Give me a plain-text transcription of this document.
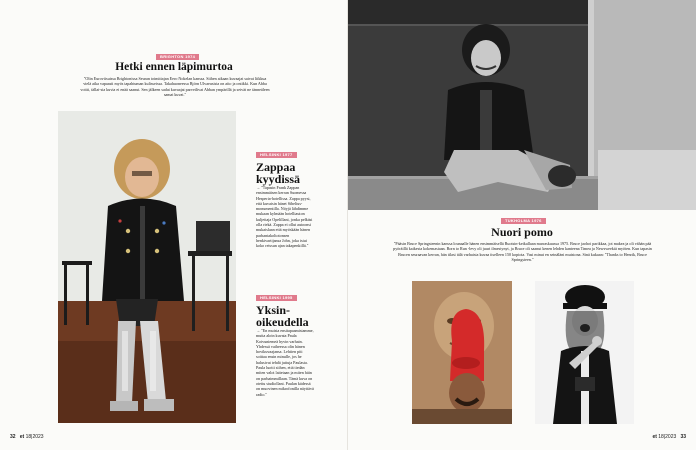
BRIGHTON 1974
Hetki ennen läpimurtoa
"Olin Euroviisuissa Brightonissa Seuran toimittajan Eero Nokelan kanssa. Siihen aikaan kuvaajat saivat liikkua vielä aika vapaasti myös tapahtuman kulisseissa. Takahuoneessa Björn Ulvaeusista on aito ja ontikki. Kun Abba voitti, tällai-sia kuvia ei enää saanut. Sen jälkeen sadat kuvaajat parveilivat Abban ympärillä ja seivät ne tänneäleen samat kuvat."
HELSINKI 1977
Zappaa
kyydissä
→ "Tapasin Frank Zappan ensimmäisen kerran Suomessa Hesperia-hotellissa. Zappa pyysi, että kuvaisin hänet Sibelius-monumentilla. Nöyjä lähdimme mukaan kylmään hotelliauton kuljettaja Opelillani, jonka pelkäsi olla riekä. Zappa ei ollut autoonsi mukaislaan että myöskään hänen parhantakoltotonsen henkivartijansa John, joka istui koko reissun ajan takapenkillä."
HELSINKI 1995
Yksin-
oikeudella
→ "En muista ensitapaamistamme, mutta aloin kuvata Paula Koivuniemeä hyvin varhain. Yhdessä vaiheessa olin hänen hovikuvaajansa. Lehtien piti soittaa ensin minulle, jos he halusivat tehdä juttuja Paulasta. Paula luotti siihen, että tiedän miten valot laitetaan ja miten häin on parhaimmillaan. Tämä kuva on otettu studiollani. Paulan kädessä on muovinen mikrofonilla näyttävä radio."
32 et 18|2023
TUKHOLMA 1976
Nuori pomo
"Pääsin Bruce Springsteenin kanssa lounaalle hänen ensimmäisellä Ruotsin-keikallaan marraskuussa 1975. Bruce jaohoi parikkaa, jot makea ja oli vähän pää pyöräillä kaikesta kokemastaan. Born to Run -levy oli juuri ilmestynyt, ja Bruce oli saanut kenen lehden kanteena Timea ja Newsweekiä myöten. Kun tapasin Brucen seuraavan kerran, hän tilasi tälä varhaista kuvaa itselleen 150 kopiota. Vasi minut en seinäläni muistona. Sinä kukaan: "Thanks to Henrik, Bruce Springsteen."
et 18|2023 33
